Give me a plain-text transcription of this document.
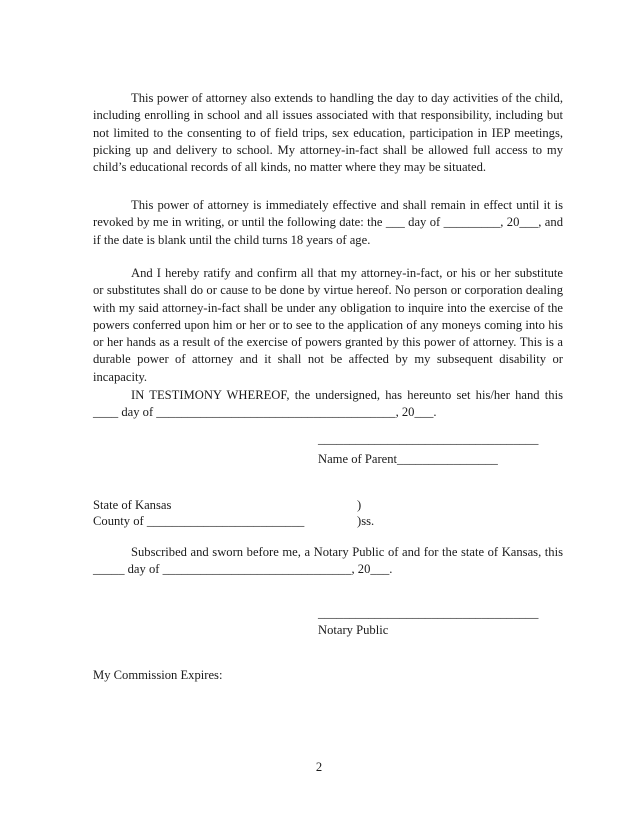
This power of attorney also extends to handling the day to day activities of the child, including enrolling in school and all issues associated with that responsibility, including but not limited to the consenting to of field trips, sex education, participation in IEP meetings, picking up and delivery to school. My attorney-in-fact shall be allowed full access to my child’s educational records of all kinds, no matter where they may be situated.

This power of attorney is immediately effective and shall remain in effect until it is revoked by me in writing, or until the following date: the ___ day of _________, 20___, and if the date is blank until the child turns 18 years of age.

And I hereby ratify and confirm all that my attorney-in-fact, or his or her substitute or substitutes shall do or cause to be done by virtue hereof. No person or corporation dealing with my said attorney-in-fact shall be under any obligation to inquire into the exercise of the powers conferred upon him or her or to see to the application of any moneys coming into his or her hands as a result of the exercise of powers granted by this power of attorney. This is a durable power of attorney and it shall not be affected by my subsequent disability or incapacity.

IN TESTIMONY WHEREOF, the undersigned, has hereunto set his/her hand this ____ day of ______________________________________, 20___.

___________________________________
Name of Parent________________
State of Kansas	)
County of _________________________	)ss.

Subscribed and sworn before me, a Notary Public of and for the state of Kansas, this _____ day of ______________________________, 20___.

___________________________________
Notary Public
My Commission Expires:
2
